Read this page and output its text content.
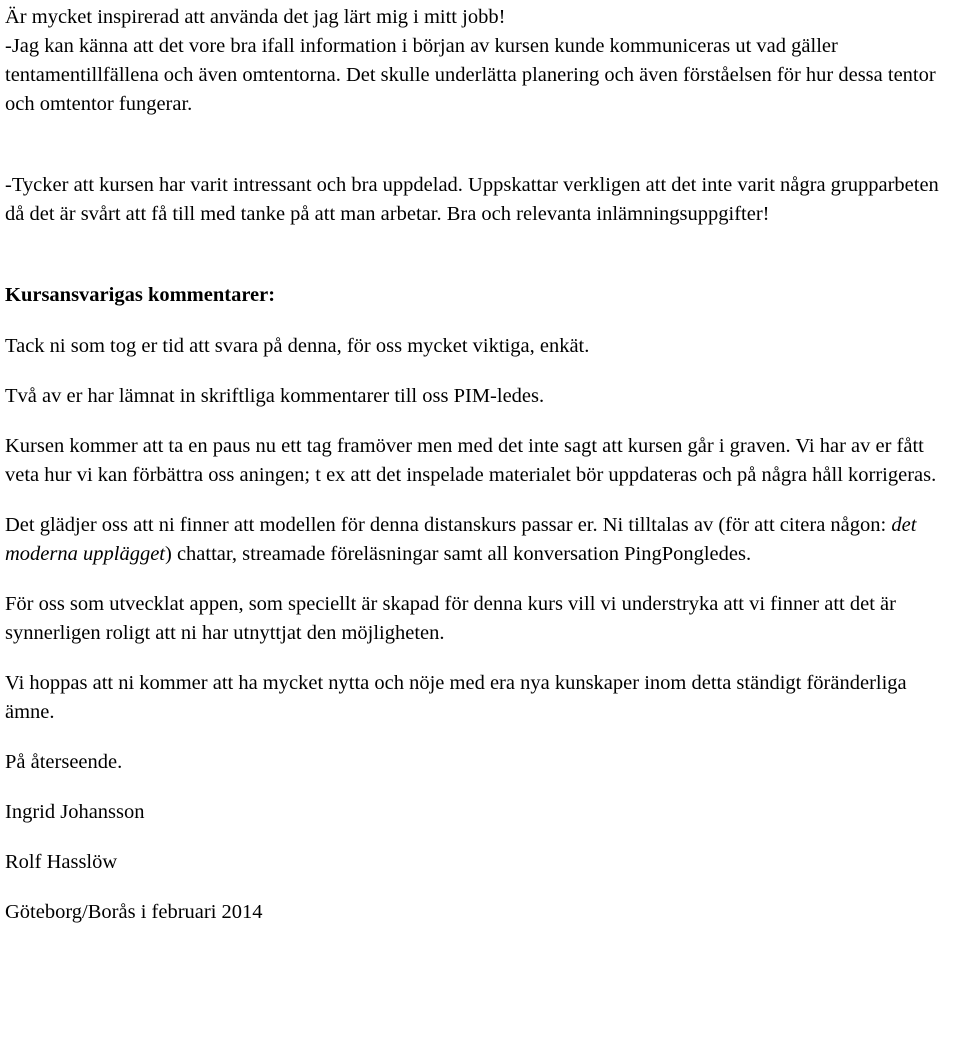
Är mycket inspirerad att använda det jag lärt mig i mitt jobb!
-Jag kan känna att det vore bra ifall information i början av kursen kunde kommuniceras ut vad gäller tentamentillfällena och även omtentorna. Det skulle underlätta planering och även förståelsen för hur dessa tentor och omtentor fungerar.

-Tycker att kursen har varit intressant och bra uppdelad. Uppskattar verkligen att det inte varit några grupparbeten då det är svårt att få till med tanke på att man arbetar. Bra och relevanta inlämningsuppgifter!

Kursansvarigas kommentarer:

Tack ni som tog er tid att svara på denna, för oss mycket viktiga, enkät.

Två av er har lämnat in skriftliga kommentarer till oss PIM-ledes.

Kursen kommer att ta en paus nu ett tag framöver men med det inte sagt att kursen går i graven. Vi har av er fått veta hur vi kan förbättra oss aningen; t ex att det inspelade materialet bör uppdateras och på några håll korrigeras.

Det glädjer oss att ni finner att modellen för denna distanskurs passar er. Ni tilltalas av (för att citera någon: det moderna upplägget) chattar, streamade föreläsningar samt all konversation PingPongledes.

För oss som utvecklat appen, som speciellt är skapad för denna kurs vill vi understryka att vi finner att det är synnerligen roligt att ni har utnyttjat den möjligheten.

Vi hoppas att ni kommer att ha mycket nytta och nöje med era nya kunskaper inom detta ständigt föränderliga ämne.

På återseende.

Ingrid Johansson

Rolf Hasslöw

Göteborg/Borås i februari 2014
